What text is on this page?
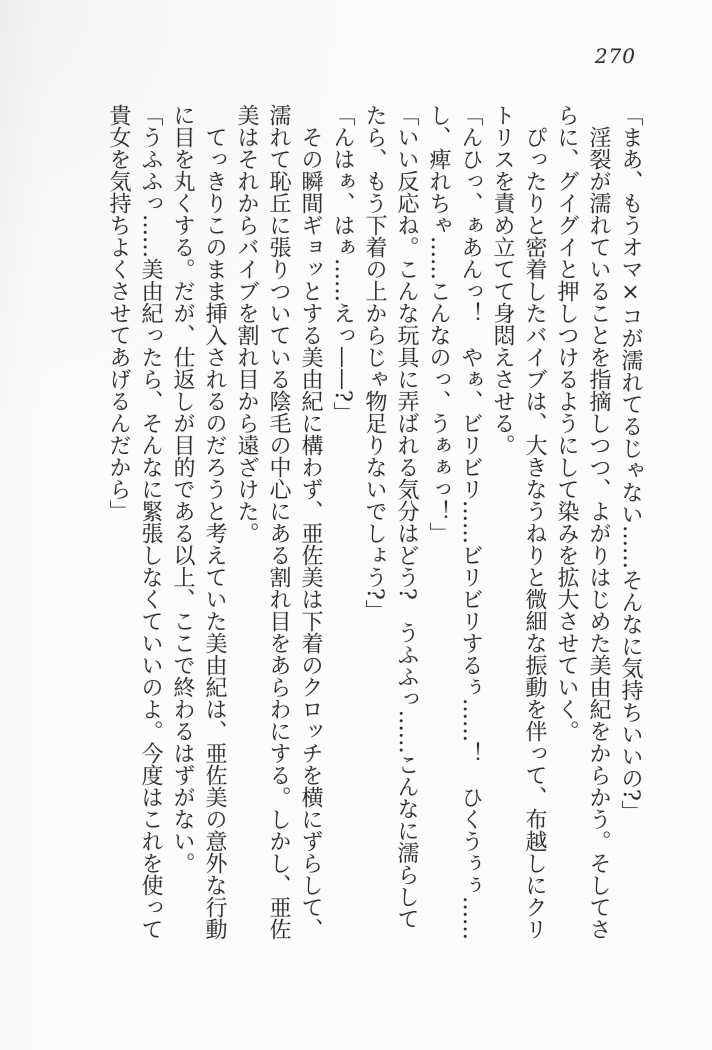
270

「まあ、もうオマ×コが濡れてるじゃない……そんなに気持ちいいの?」

　淫裂が濡れていることを指摘しつつ、よがりはじめた美由紀をからかう。そしてさ

らに、グイグイと押しつけるようにして染みを拡大させていく。

　ぴったりと密着したバイブは、大きなうねりと微細な振動を伴って、布越しにクリ

トリスを責め立てて身悶えさせる。

「んひっ、ぁあんっ！　やぁ、ビリビリ……ビリビリするぅ……！　ひくうぅぅ……

し、痺れちゃ……こんなのっ、うぁぁっ！」

「いい反応ね。こんな玩具に弄ばれる気分はどう?　うふふっ……こんなに濡らして

たら、もう下着の上からじゃ物足りないでしょう?」

「んはぁ、はぁ……えっ——?」

　その瞬間ギョッとする美由紀に構わず、亜佐美は下着のクロッチを横にずらして、

濡れて恥丘に張りついている陰毛の中心にある割れ目をあらわにする。しかし、亜佐

美はそれからバイブを割れ目から遠ざけた。

　てっきりこのまま挿入されるのだろうと考えていた美由紀は、亜佐美の意外な行動

に目を丸くする。だが、仕返しが目的である以上、ここで終わるはずがない。

「うふふっ……美由紀ったら、そんなに緊張しなくていいのよ。今度はこれを使って

貴女を気持ちよくさせてあげるんだから」
